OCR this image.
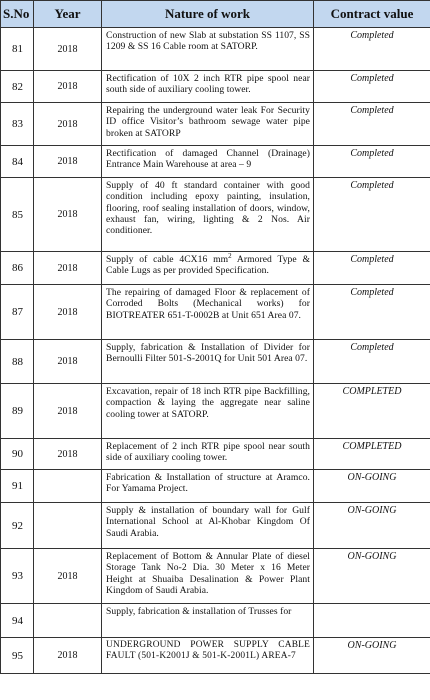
S.No	Year	Nature of work	Contract value
81	2018	Construction of new Slab at substation SS 1107, SS 1209 & SS 16 Cable room at SATORP.	Completed
82	2018	Rectification of 10X 2 inch RTR pipe spool near south side of auxiliary cooling tower.	Completed
83	2018	Repairing the underground water leak For Security ID office Visitor’s bathroom sewage water pipe broken at SATORP	Completed
84	2018	Rectification of damaged Channel (Drainage) Entrance Main Warehouse at area – 9	Completed
85	2018	Supply of 40 ft standard container with good condition including epoxy painting, insulation, flooring, roof sealing installation of doors, window, exhaust fan, wiring, lighting & 2 Nos. Air conditioner.	Completed
86	2018	Supply of cable 4CX16 $mm^2$ Armored Type & Cable Lugs as per provided Specification.	Completed
87	2018	The repairing of damaged Floor & replacement of Corroded Bolts (Mechanical works) for BIOTREATER 651-T-0002B at Unit 651 Area 07.	Completed
88	2018	Supply, fabrication & Installation of Divider for Bernoulli Filter 501-S-2001Q for Unit 501 Area 07.	Completed
89	2018	Excavation, repair of 18 inch RTR pipe Backfilling, compaction & laying the aggregate near saline cooling tower at SATORP.	COMPLETED
90	2018	Replacement of 2 inch RTR pipe spool near south side of auxiliary cooling tower.	COMPLETED
91		Fabrication & Installation of structure at Aramco. For Yamama Project.	ON-GOING
92		Supply & installation of boundary wall for Gulf International School at Al-Khobar Kingdom Of Saudi Arabia.	ON-GOING
93	2018	Replacement of Bottom & Annular Plate of diesel Storage Tank No-2 Dia. 30 Meter x 16 Meter Height at Shuaiba Desalination & Power Plant Kingdom of Saudi Arabia.	ON-GOING
94		Supply, fabrication & installation of Trusses for	
95	2018	UNDERGROUND POWER SUPPLY CABLE FAULT (501-K2001J & 501-K-2001L) AREA-7	ON-GOING
